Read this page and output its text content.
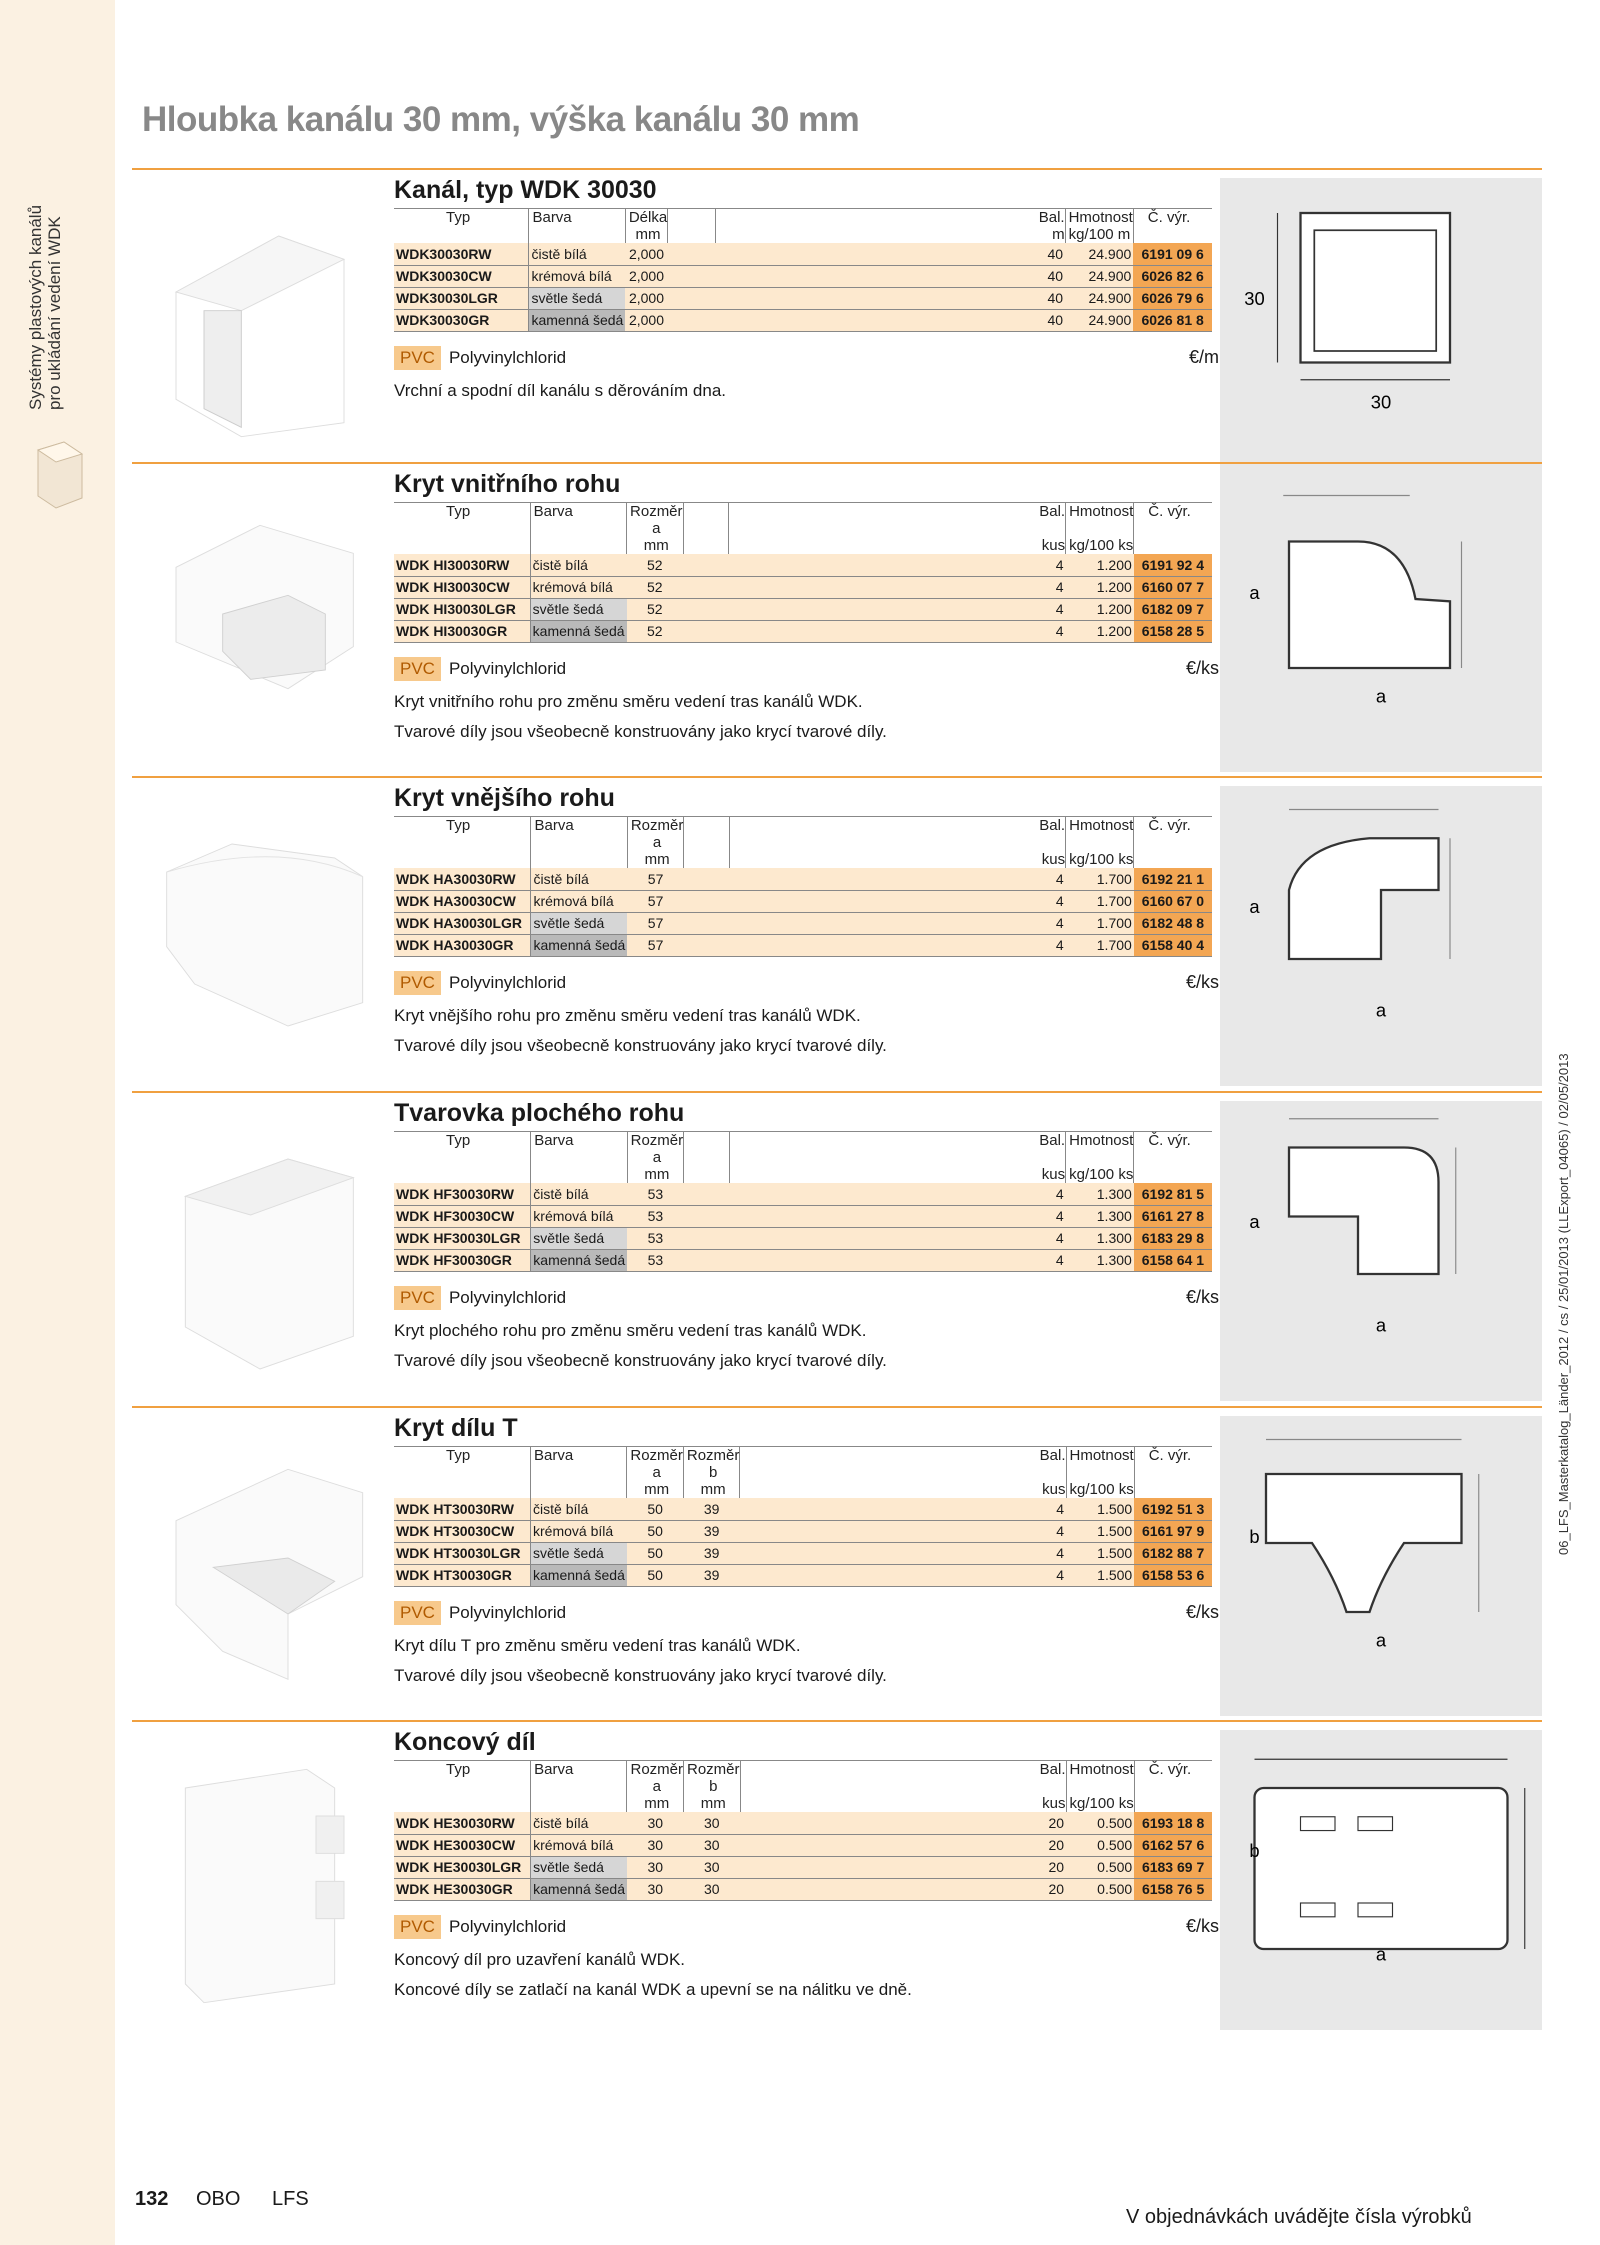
Systémy plastových kanálů pro ukládání vedení WDK
06_LFS_Masterkatalog_Länder_2012 / cs / 25/01/2013 (LLExport_04065) / 02/05/2013
Hloubka kanálu 30 mm, výška kanálu 30 mm
Kanál, typ WDK 30030
Typ	Barva	Délka		Bal.	Hmotnost	Č. výr.

		mm		m	kg/100 m	
WDK30030RW	čistě bílá	2,000		40	24.900	6191 09 6
WDK30030CW	krémová bílá	2,000		40	24.900	6026 82 6
WDK30030LGR	světle šedá	2,000		40	24.900	6026 79 6
WDK30030GR	kamenná šedá	2,000		40	24.900	6026 81 8
PVC Polyvinylchlorid	€/m
Vrchní a spodní díl kanálu s děrováním dna.
30
30
Kryt vnitřního rohu
Typ	Barva	Rozměr		Bal.	Hmotnost	Č. výr.
		a				
		mm		kus	kg/100 ks	
WDK HI30030RW	čistě bílá	52		4	1.200	6191 92 4
WDK HI30030CW	krémová bílá	52		4	1.200	6160 07 7
WDK HI30030LGR	světle šedá	52		4	1.200	6182 09 7
WDK HI30030GR	kamenná šedá	52		4	1.200	6158 28 5
PVC Polyvinylchlorid	€/ks
Kryt vnitřního rohu pro změnu směru vedení tras kanálů WDK.
Tvarové díly jsou všeobecně konstruovány jako krycí tvarové díly.
a
a
Kryt vnějšího rohu
Typ	Barva	Rozměr		Bal.	Hmotnost	Č. výr.
		a				
		mm		kus	kg/100 ks	
WDK HA30030RW	čistě bílá	57		4	1.700	6192 21 1
WDK HA30030CW	krémová bílá	57		4	1.700	6160 67 0
WDK HA30030LGR	světle šedá	57		4	1.700	6182 48 8
WDK HA30030GR	kamenná šedá	57		4	1.700	6158 40 4
PVC Polyvinylchlorid	€/ks
Kryt vnějšího rohu pro změnu směru vedení tras kanálů WDK.
Tvarové díly jsou všeobecně konstruovány jako krycí tvarové díly.
a
a
Tvarovka plochého rohu
Typ	Barva	Rozměr		Bal.	Hmotnost	Č. výr.
		a				
		mm		kus	kg/100 ks	
WDK HF30030RW	čistě bílá	53		4	1.300	6192 81 5
WDK HF30030CW	krémová bílá	53		4	1.300	6161 27 8
WDK HF30030LGR	světle šedá	53		4	1.300	6183 29 8
WDK HF30030GR	kamenná šedá	53		4	1.300	6158 64 1
PVC Polyvinylchlorid	€/ks
Kryt plochého rohu pro změnu směru vedení tras kanálů WDK.
Tvarové díly jsou všeobecně konstruovány jako krycí tvarové díly.
a
a
Kryt dílu T
Typ	Barva	Rozměr	Rozměr	Bal.	Hmotnost	Č. výr.
		a	b			
		mm	mm	kus	kg/100 ks	
WDK HT30030RW	čistě bílá	50	39	4	1.500	6192 51 3
WDK HT30030CW	krémová bílá	50	39	4	1.500	6161 97 9
WDK HT30030LGR	světle šedá	50	39	4	1.500	6182 88 7
WDK HT30030GR	kamenná šedá	50	39	4	1.500	6158 53 6
PVC Polyvinylchlorid	€/ks
Kryt dílu T pro změnu směru vedení tras kanálů WDK.
Tvarové díly jsou všeobecně konstruovány jako krycí tvarové díly.
a
b
Koncový díl
Typ	Barva	Rozměr	Rozměr	Bal.	Hmotnost	Č. výr.
		a	b			
		mm	mm	kus	kg/100 ks	
WDK HE30030RW	čistě bílá	30	30	20	0.500	6193 18 8
WDK HE30030CW	krémová bílá	30	30	20	0.500	6162 57 6
WDK HE30030LGR	světle šedá	30	30	20	0.500	6183 69 7
WDK HE30030GR	kamenná šedá	30	30	20	0.500	6158 76 5
PVC Polyvinylchlorid	€/ks
Koncový díl pro uzavření kanálů WDK.
Koncové díly se zatlačí na kanál WDK a upevní se na nálitku ve dně.
a
b
132 OBO LFS
V objednávkách uvádějte čísla výrobků
